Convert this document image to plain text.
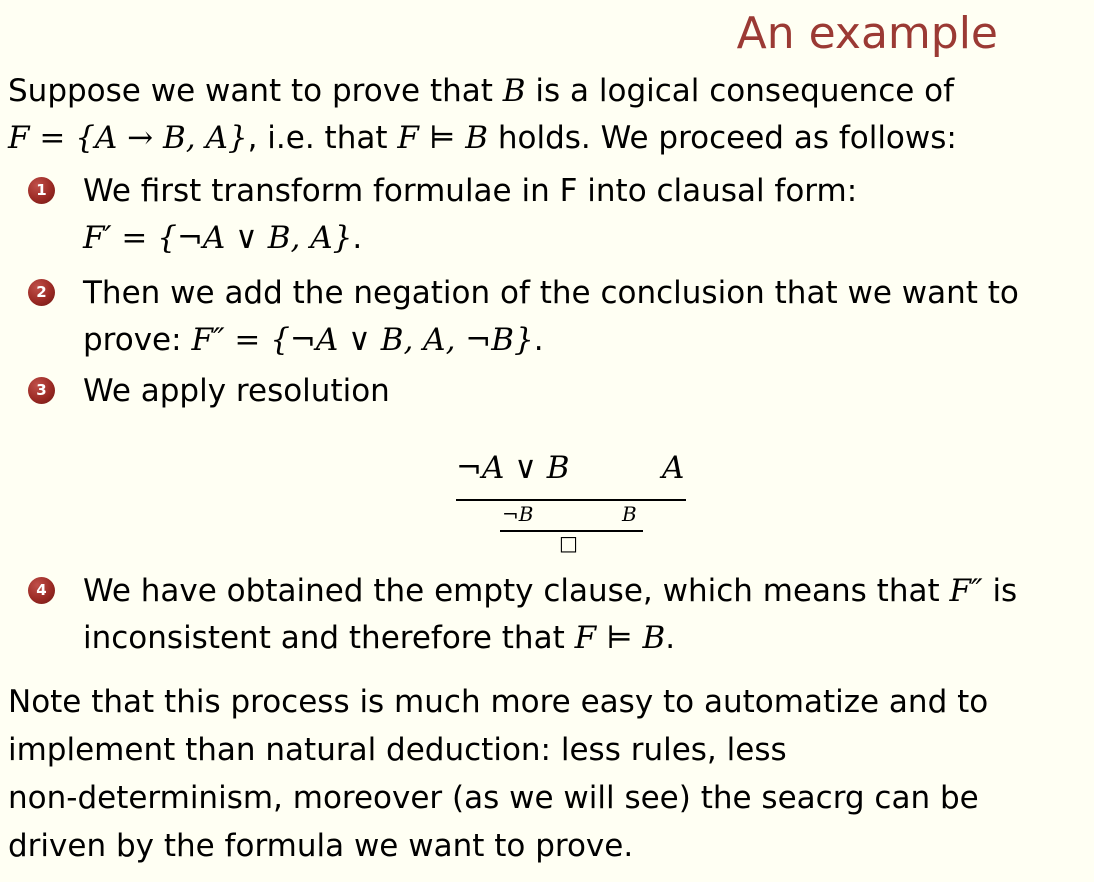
An example
Suppose we want to prove that B is a logical consequence of
F = {A → B, A}, i.e. that F ⊨ B holds. We proceed as follows:
1 We first transform formulae in F into clausal form:
F′ = {¬A ∨ B, A}.
2 Then we add the negation of the conclusion that we want to
prove: F″ = {¬A ∨ B, A, ¬B}.
3 We apply resolution
¬A ∨ B	A
¬B	B
□
4 We have obtained the empty clause, which means that F″ is
inconsistent and therefore that F ⊨ B.
Note that this process is much more easy to automatize and to
implement than natural deduction: less rules, less
non-determinism, moreover (as we will see) the seacrg can be
driven by the formula we want to prove.
